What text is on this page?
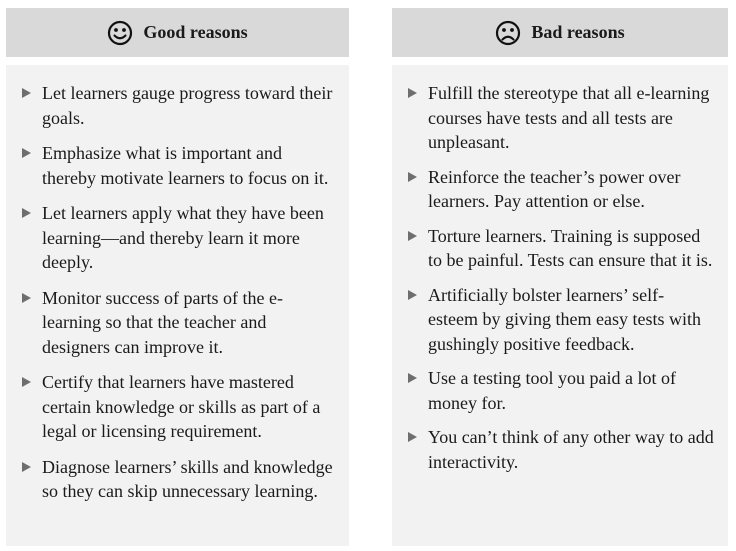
Good reasons
Let learners gauge progress toward their goals.
Emphasize what is important and thereby motivate learners to focus on it.
Let learners apply what they have been learning—and thereby learn it more deeply.
Monitor success of parts of the e-learning so that the teacher and designers can improve it.
Certify that learners have mastered certain knowledge or skills as part of a legal or licensing requirement.
Diagnose learners’ skills and knowledge so they can skip unnecessary learning.
Bad reasons
Fulfill the stereotype that all e-learning courses have tests and all tests are unpleasant.
Reinforce the teacher’s power over learners. Pay attention or else.
Torture learners. Training is supposed to be painful. Tests can ensure that it is.
Artificially bolster learners’ self-esteem by giving them easy tests with gushingly positive feedback.
Use a testing tool you paid a lot of money for.
You can’t think of any other way to add interactivity.
